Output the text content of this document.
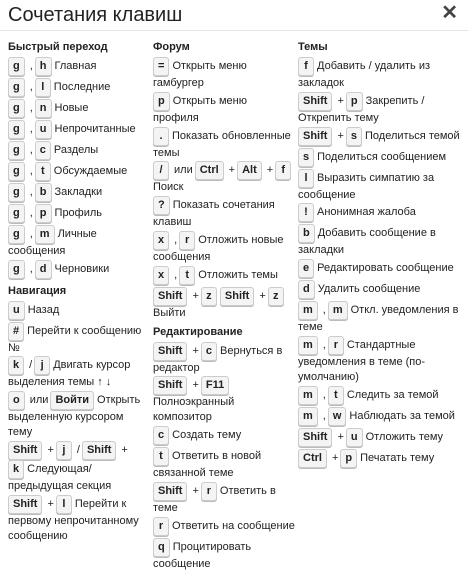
Сочетания клавиш	✕
Быстрый переход
g , h Главная
g , l Последние
g , n Новые
g , u Непрочитанные
g , c Разделы
g , t Обсуждаемые
g , b Закладки
g , p Профиль
g , m Личные сообщения
g , d Черновики
Навигация
u Назад
# Перейти к сообщению №
k / j Двигать курсор выделения темы ↑ ↓
o или Войти Открыть выделенную курсором тему
Shift + j / Shift +k Следующая/предыдущая секция
Shift + l Перейти к первому непрочитанному сообщению
Форум
= Открыть меню гамбургер
p Открыть меню профиля
. Показать обновленные темы
/ или Ctrl + Alt + fПоиск
? Показать сочетания клавиш
x , r Отложить новые сообщения
x , t Отложить темы
Shift + z Shift + zВыйти
Редактирование
Shift + c Вернуться в редактор
Shift + F11Полноэкранный композитор
c Создать тему
t Ответить в новой связанной теме
Shift + r Ответить в теме
r Ответить на сообщение
q Процитировать сообщение
Темы
f Добавить / удалить из закладок
Shift + p Закрепить / Открепить тему
Shift + s Поделиться темой
s Поделиться сообщением
l Выразить симпатию за сообщение
! Анонимная жалоба
b Добавить сообщение в закладки
e Редактировать сообщение
d Удалить сообщение
m , m Откл. уведомления в теме
m , r Стандартные уведомления в теме (по-умолчанию)
m , t Следить за темой
m , w Наблюдать за темой
Shift + u Отложить тему
Ctrl + p Печатать тему
